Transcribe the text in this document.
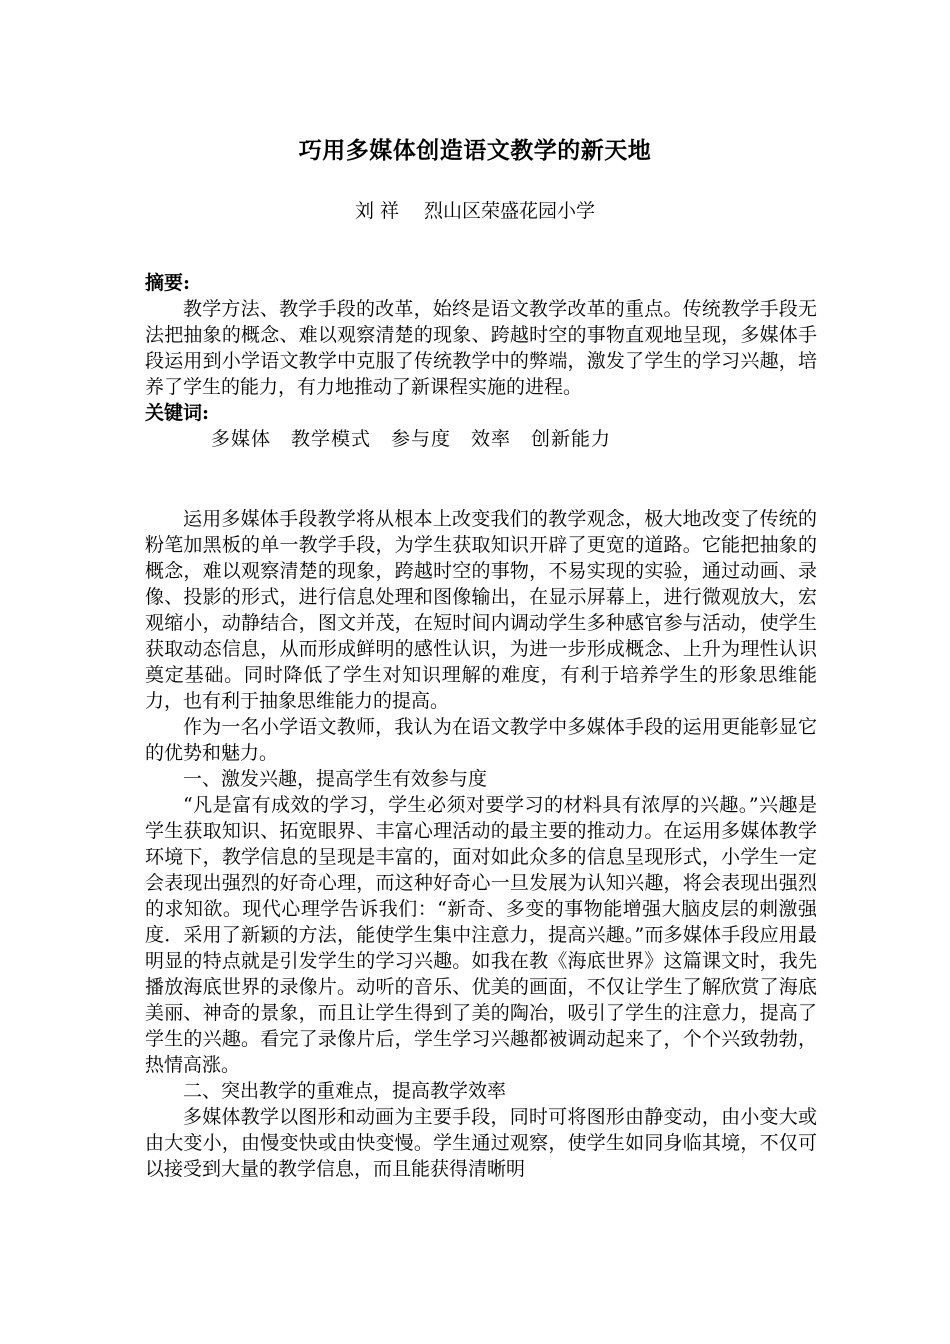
巧用多媒体创造语文教学的新天地
刘 祥　 烈山区荣盛花园小学

摘要:

教学方法、教学手段的改革，始终是语文教学改革的重点。传统教学手段无法把抽象的概念、难以观察清楚的现象、跨越时空的事物直观地呈现，多媒体手段运用到小学语文教学中克服了传统教学中的弊端，激发了学生的学习兴趣，培养了学生的能力，有力地推动了新课程实施的进程。

关键词:

多媒体　教学模式　参与度　效率　创新能力

运用多媒体手段教学将从根本上改变我们的教学观念，极大地改变了传统的粉笔加黑板的单一教学手段，为学生获取知识开辟了更宽的道路。它能把抽象的概念，难以观察清楚的现象，跨越时空的事物，不易实现的实验，通过动画、录像、投影的形式，进行信息处理和图像输出，在显示屏幕上，进行微观放大，宏观缩小，动静结合，图文并茂，在短时间内调动学生多种感官参与活动，使学生获取动态信息，从而形成鲜明的感性认识，为进一步形成概念、上升为理性认识奠定基础。同时降低了学生对知识理解的难度，有利于培养学生的形象思维能力，也有利于抽象思维能力的提高。

作为一名小学语文教师，我认为在语文教学中多媒体手段的运用更能彰显它的优势和魅力。

一、激发兴趣，提高学生有效参与度

“凡是富有成效的学习，学生必须对要学习的材料具有浓厚的兴趣。”兴趣是学生获取知识、拓宽眼界、丰富心理活动的最主要的推动力。在运用多媒体教学环境下，教学信息的呈现是丰富的，面对如此众多的信息呈现形式，小学生一定会表现出强烈的好奇心理，而这种好奇心一旦发展为认知兴趣，将会表现出强烈的求知欲。现代心理学告诉我们：“新奇、多变的事物能增强大脑皮层的刺激强度．采用了新颖的方法，能使学生集中注意力，提高兴趣。”而多媒体手段应用最明显的特点就是引发学生的学习兴趣。如我在教《海底世界》这篇课文时，我先播放海底世界的录像片。动听的音乐、优美的画面，不仅让学生了解欣赏了海底美丽、神奇的景象，而且让学生得到了美的陶冶，吸引了学生的注意力，提高了学生的兴趣。看完了录像片后，学生学习兴趣都被调动起来了，个个兴致勃勃，热情高涨。

二、突出教学的重难点，提高教学效率

多媒体教学以图形和动画为主要手段，同时可将图形由静变动，由小变大或由大变小，由慢变快或由快变慢。学生通过观察，使学生如同身临其境，不仅可以接受到大量的教学信息，而且能获得清晰明
